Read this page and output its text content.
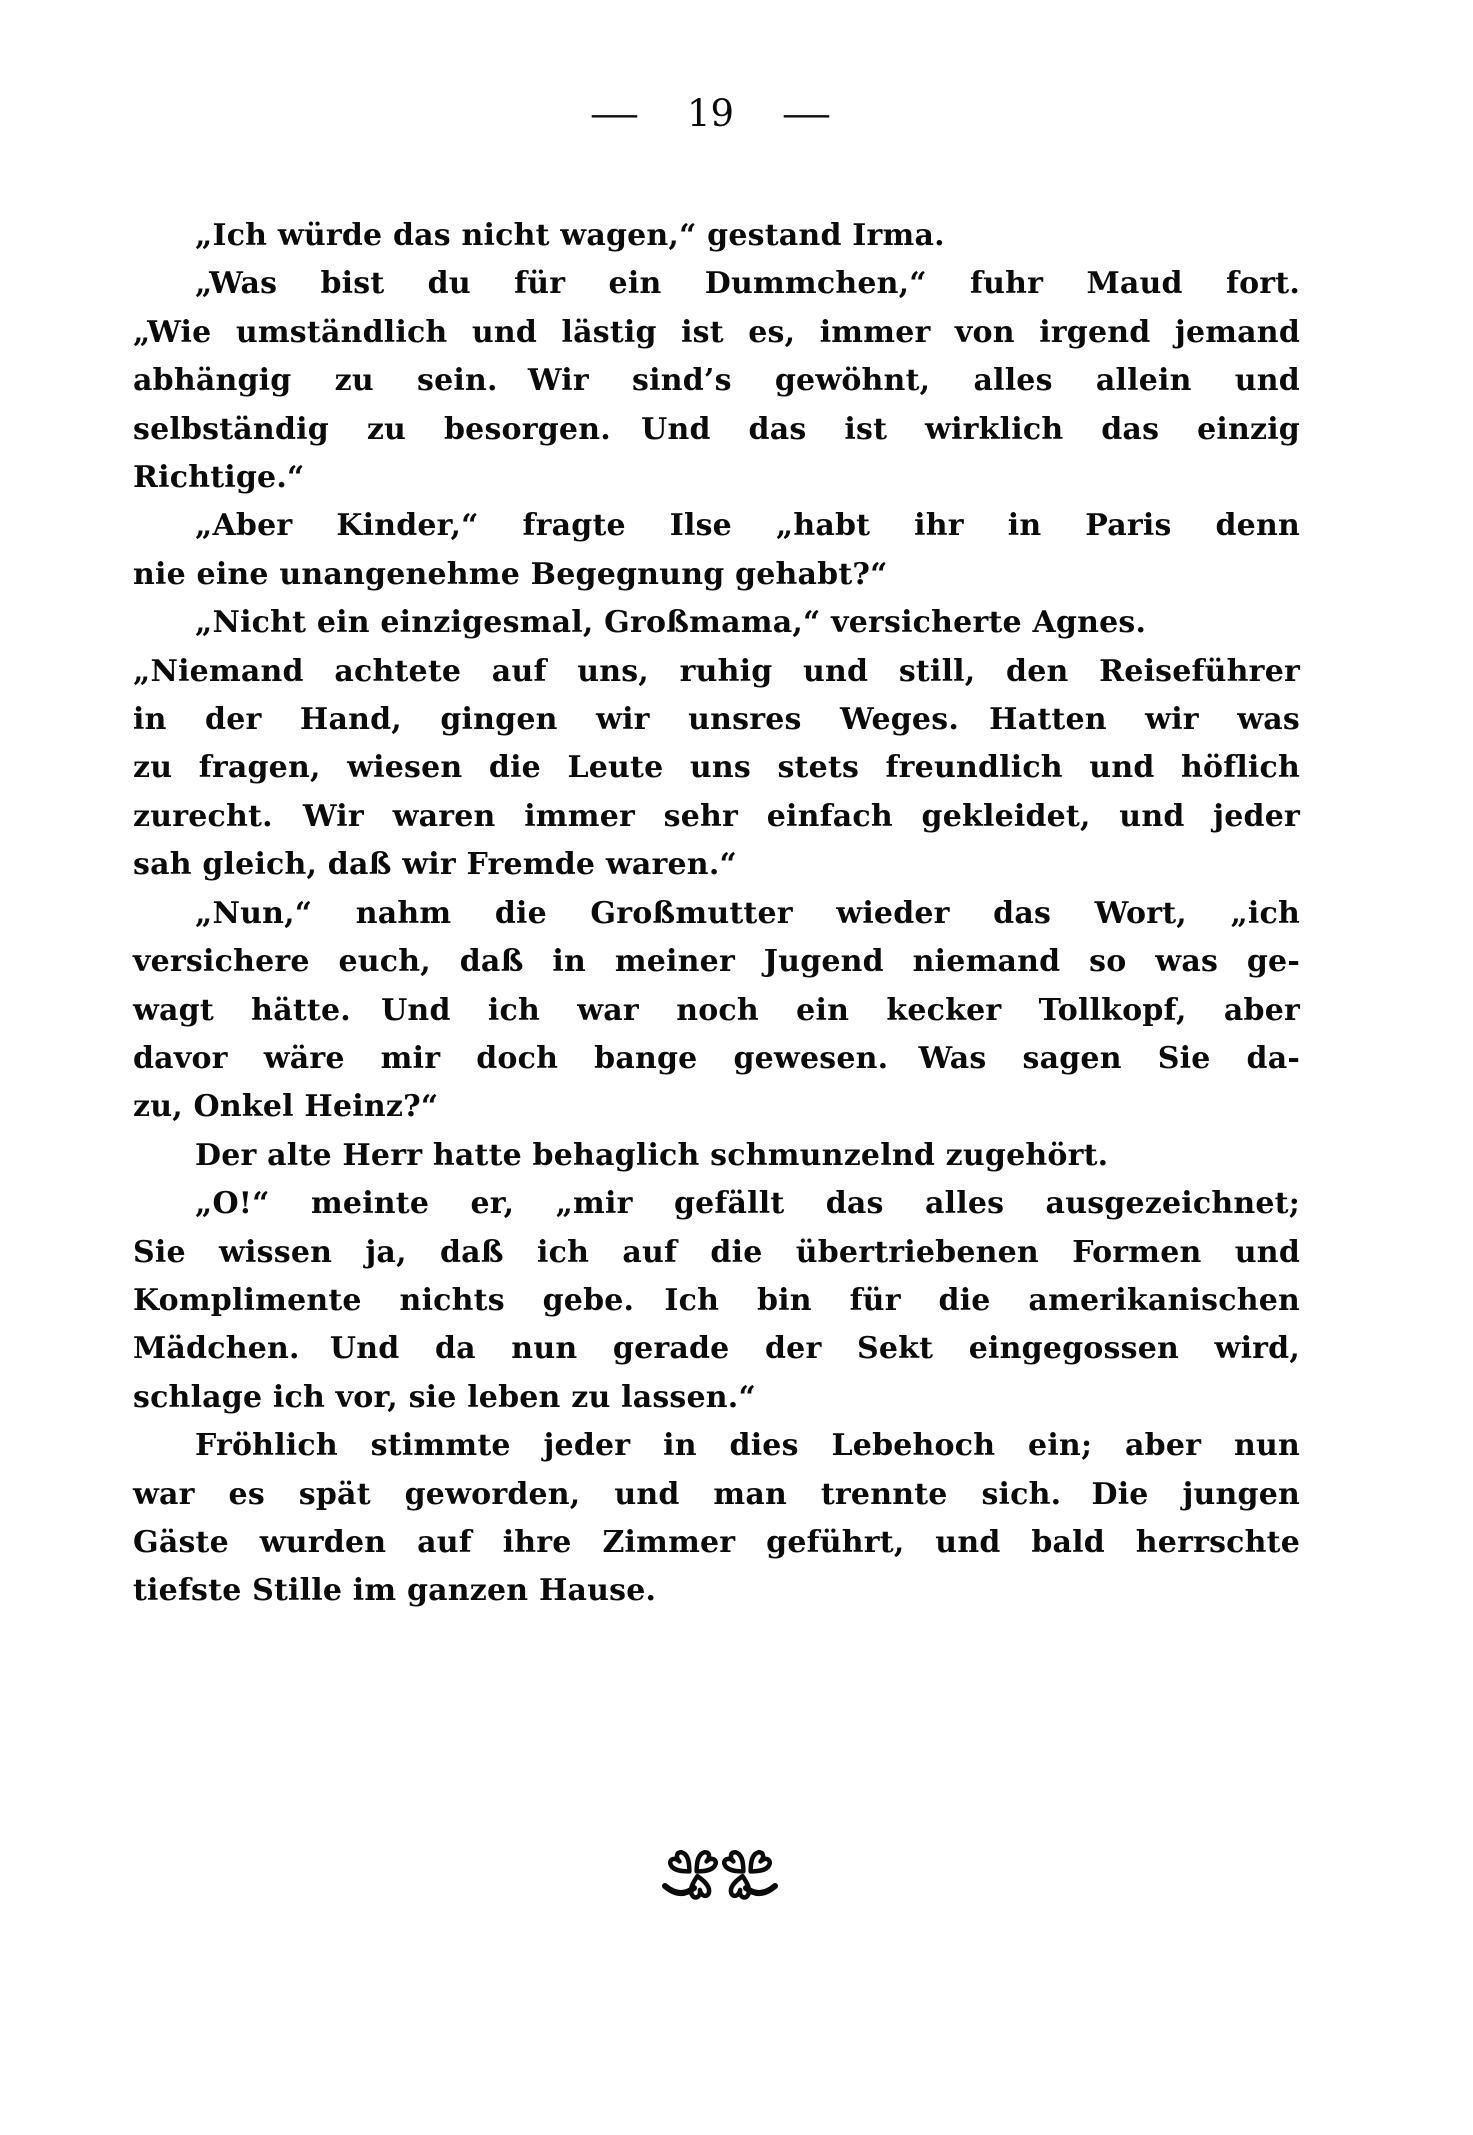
— 19 —
„Ich würde das nicht wagen,“ gestand Irma.
„Was bist du für ein Dummchen,“ fuhr Maud fort.
„Wie umständlich und lästig ist es, immer von irgend jemand
abhängig zu sein. Wir sind’s gewöhnt, alles allein und
selbständig zu besorgen. Und das ist wirklich das einzig
Richtige.“
„Aber Kinder,“ fragte Ilse „habt ihr in Paris denn
nie eine unangenehme Begegnung gehabt?“
„Nicht ein einzigesmal, Großmama,“ versicherte Agnes.
„Niemand achtete auf uns, ruhig und still, den Reiseführer
in der Hand, gingen wir unsres Weges. Hatten wir was
zu fragen, wiesen die Leute uns stets freundlich und höflich
zurecht. Wir waren immer sehr einfach gekleidet, und jeder
sah gleich, daß wir Fremde waren.“
„Nun,“ nahm die Großmutter wieder das Wort, „ich
versichere euch, daß in meiner Jugend niemand so was ge-
wagt hätte. Und ich war noch ein kecker Tollkopf, aber
davor wäre mir doch bange gewesen. Was sagen Sie da-
zu, Onkel Heinz?“
Der alte Herr hatte behaglich schmunzelnd zugehört.
„O!“ meinte er, „mir gefällt das alles ausgezeichnet;
Sie wissen ja, daß ich auf die übertriebenen Formen und
Komplimente nichts gebe. Ich bin für die amerikanischen
Mädchen. Und da nun gerade der Sekt eingegossen wird,
schlage ich vor, sie leben zu lassen.“
Fröhlich stimmte jeder in dies Lebehoch ein; aber nun
war es spät geworden, und man trennte sich. Die jungen
Gäste wurden auf ihre Zimmer geführt, und bald herrschte
tiefste Stille im ganzen Hause.
